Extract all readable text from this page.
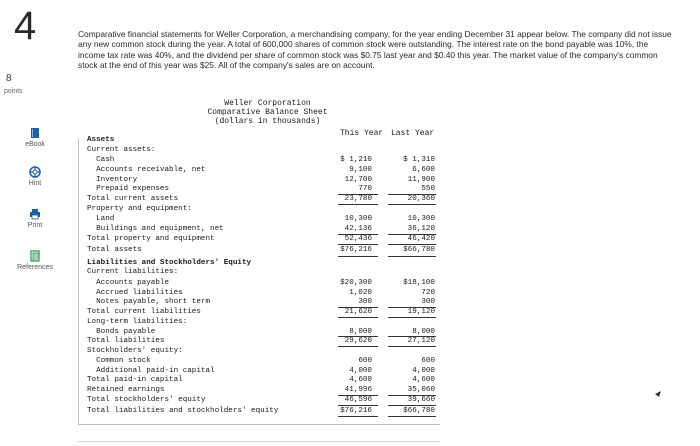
4
8
points
eBook
Hint
Print
References
Comparative financial statements for Weller Corporation, a merchandising company, for the year ending December 31 appear below. The company did not issue any new common stock during the year. A total of 600,000 shares of common stock were outstanding. The interest rate on the bond payable was 10%, the income tax rate was 40%, and the dividend per share of common stock was $0.75 last year and $0.40 this year. The market value of the company's common stock at the end of this year was $25. All of the company's sales are on account.
Weller Corporation
Comparative Balance Sheet
(dollars in thousands)
This Year Last Year
Assets
Current assets:
Cash	$ 1,210	$ 1,310
Accounts receivable, net	9,100	6,600
Inventory	12,700	11,900
Prepaid expenses	770	550
Total current assets	23,780	20,360
Property and equipment:
Land	10,300	10,300
Buildings and equipment, net	42,136	36,120
Total property and equipment	52,436	46,420
Total assets	$76,216	$66,780
Liabilities and Stockholders' Equity
Current liabilities:
Accounts payable	$20,300	$18,100
Accrued liabilities	1,020	720
Notes payable, short term	300	300
Total current liabilities	21,620	19,120
Long-term liabilities:
Bonds payable	8,000	8,000
Total liabilities	29,620	27,120
Stockholders' equity:
Common stock	600	600
Additional paid-in capital	4,000	4,000
Total paid-in capital	4,600	4,600
Retained earnings	41,996	35,060
Total stockholders' equity	46,596	39,660
Total liabilities and stockholders' equity	$76,216	$66,780
